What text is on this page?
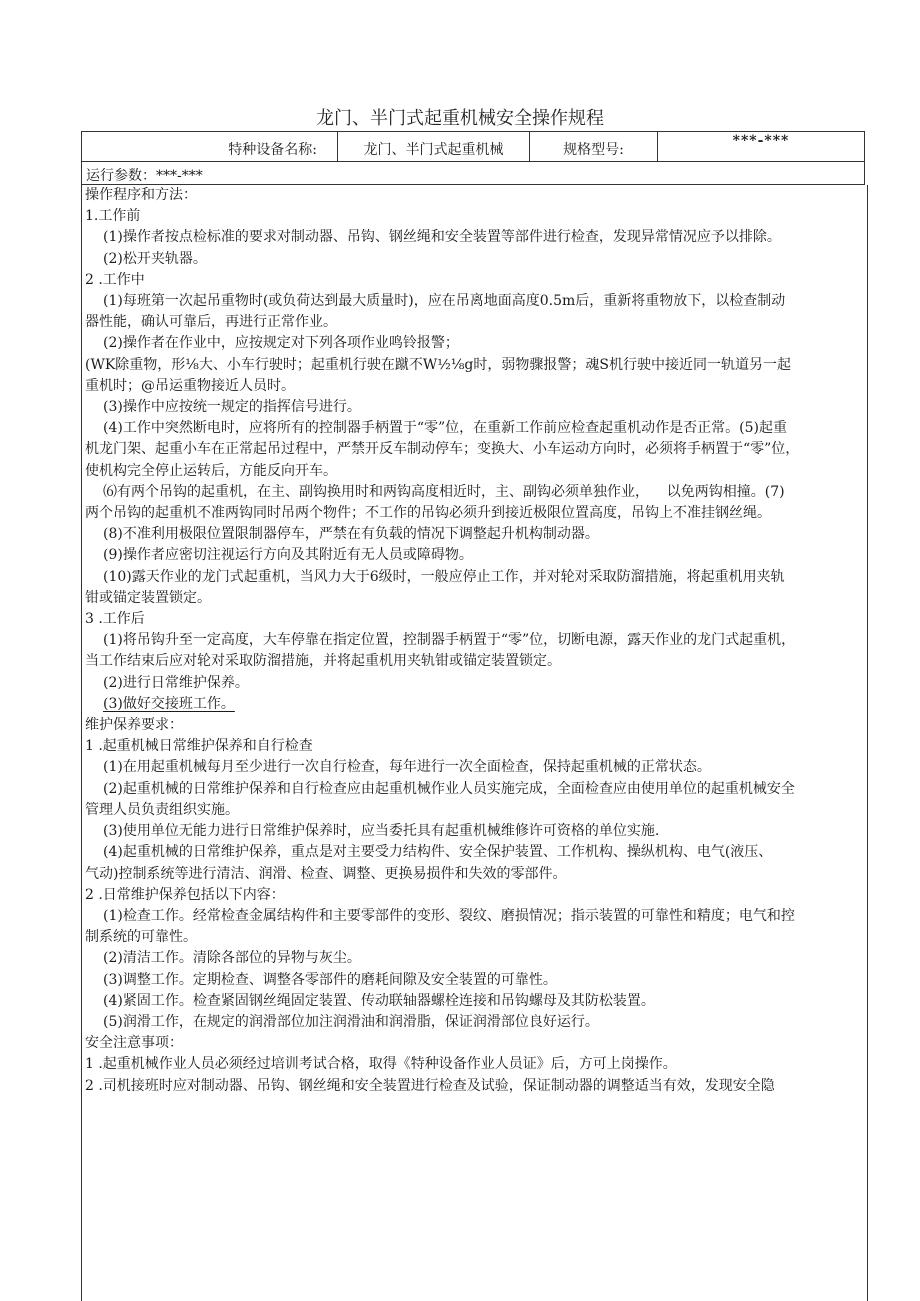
龙门、半门式起重机械安全操作规程
特种设备名称:	龙门、半门式起重机械	规格型号:
***-***
运行参数：***-***

操作程序和方法：

1.工作前

(1)操作者按点检标准的要求对制动器、吊钩、钢丝绳和安全装置等部件进行检查，发现异常情况应予以排除。

(2)松开夹轨器。

2 .工作中

(1)每班第一次起吊重物时(或负荷达到最大质量时)，应在吊离地面高度0.5m后，重新将重物放下，以检查制动

器性能，确认可靠后，再进行正常作业。

(2)操作者在作业中，应按规定对下列各项作业鸣铃报警；

(WK除重物，形⅛大、小车行驶时；起重机行驶在蹴不W½⅛g时，弱物骤报警；魂S机行驶中接近同一轨道另一起

重机时；@吊运重物接近人员时。

(3)操作中应按统一规定的指挥信号进行。

(4)工作中突然断电时，应将所有的控制器手柄置于“零”位，在重新工作前应检查起重机动作是否正常。(5)起重

机龙门架、起重小车在正常起吊过程中，严禁开反车制动停车；变换大、小车运动方向时，必须将手柄置于“零”位，

使机构完全停止运转后，方能反向开车。

⑹有两个吊钩的起重机，在主、副钩换用时和两钩高度相近时，主、副钩必须单独作业，    以免两钩相撞。(7)

两个吊钩的起重机不准两钩同时吊两个物件；不工作的吊钩必须升到接近极限位置高度，吊钩上不准挂钢丝绳。

(8)不准利用极限位置限制器停车，严禁在有负载的情况下调整起升机构制动器。

(9)操作者应密切注视运行方向及其附近有无人员或障碍物。

(10)露天作业的龙门式起重机，当风力大于6级时，一般应停止工作，并对轮对采取防溜措施，将起重机用夹轨

钳或锚定装置锁定。

3 .工作后

(1)将吊钩升至一定高度，大车停靠在指定位置，控制器手柄置于“零”位，切断电源，露天作业的龙门式起重机，

当工作结束后应对轮对采取防溜措施，并将起重机用夹轨钳或锚定装置锁定。

(2)进行日常维护保养。

(3)做好交接班工作。

维护保养要求：

1 .起重机械日常维护保养和自行检查

(1)在用起重机械每月至少进行一次自行检查，每年进行一次全面检查，保持起重机械的正常状态。

(2)起重机械的日常维护保养和自行检查应由起重机械作业人员实施完成，全面检查应由使用单位的起重机械安全

管理人员负责组织实施。

(3)使用单位无能力进行日常维护保养时，应当委托具有起重机械维修许可资格的单位实施.

(4)起重机械的日常维护保养，重点是对主要受力结构件、安全保护装置、工作机构、操纵机构、电气(液压、

气动)控制系统等进行清洁、润滑、检查、调整、更换易损件和失效的零部件。

2 .日常维护保养包括以下内容：

(1)检查工作。经常检查金属结构件和主要零部件的变形、裂纹、磨损情况；指示装置的可靠性和精度；电气和控

制系统的可靠性。

(2)清洁工作。清除各部位的异物与灰尘。

(3)调整工作。定期检查、调整各零部件的磨耗间隙及安全装置的可靠性。

(4)紧固工作。检查紧固钢丝绳固定装置、传动联轴器螺栓连接和吊钩螺母及其防松装置。

(5)润滑工作，在规定的润滑部位加注润滑油和润滑脂，保证润滑部位良好运行。

安全注意事项：

1 .起重机械作业人员必须经过培训考试合格，取得《特种设备作业人员证》后，方可上岗操作。

2 .司机接班时应对制动器、吊钩、钢丝绳和安全装置进行检查及试验，保证制动器的调整适当有效，发现安全隐
